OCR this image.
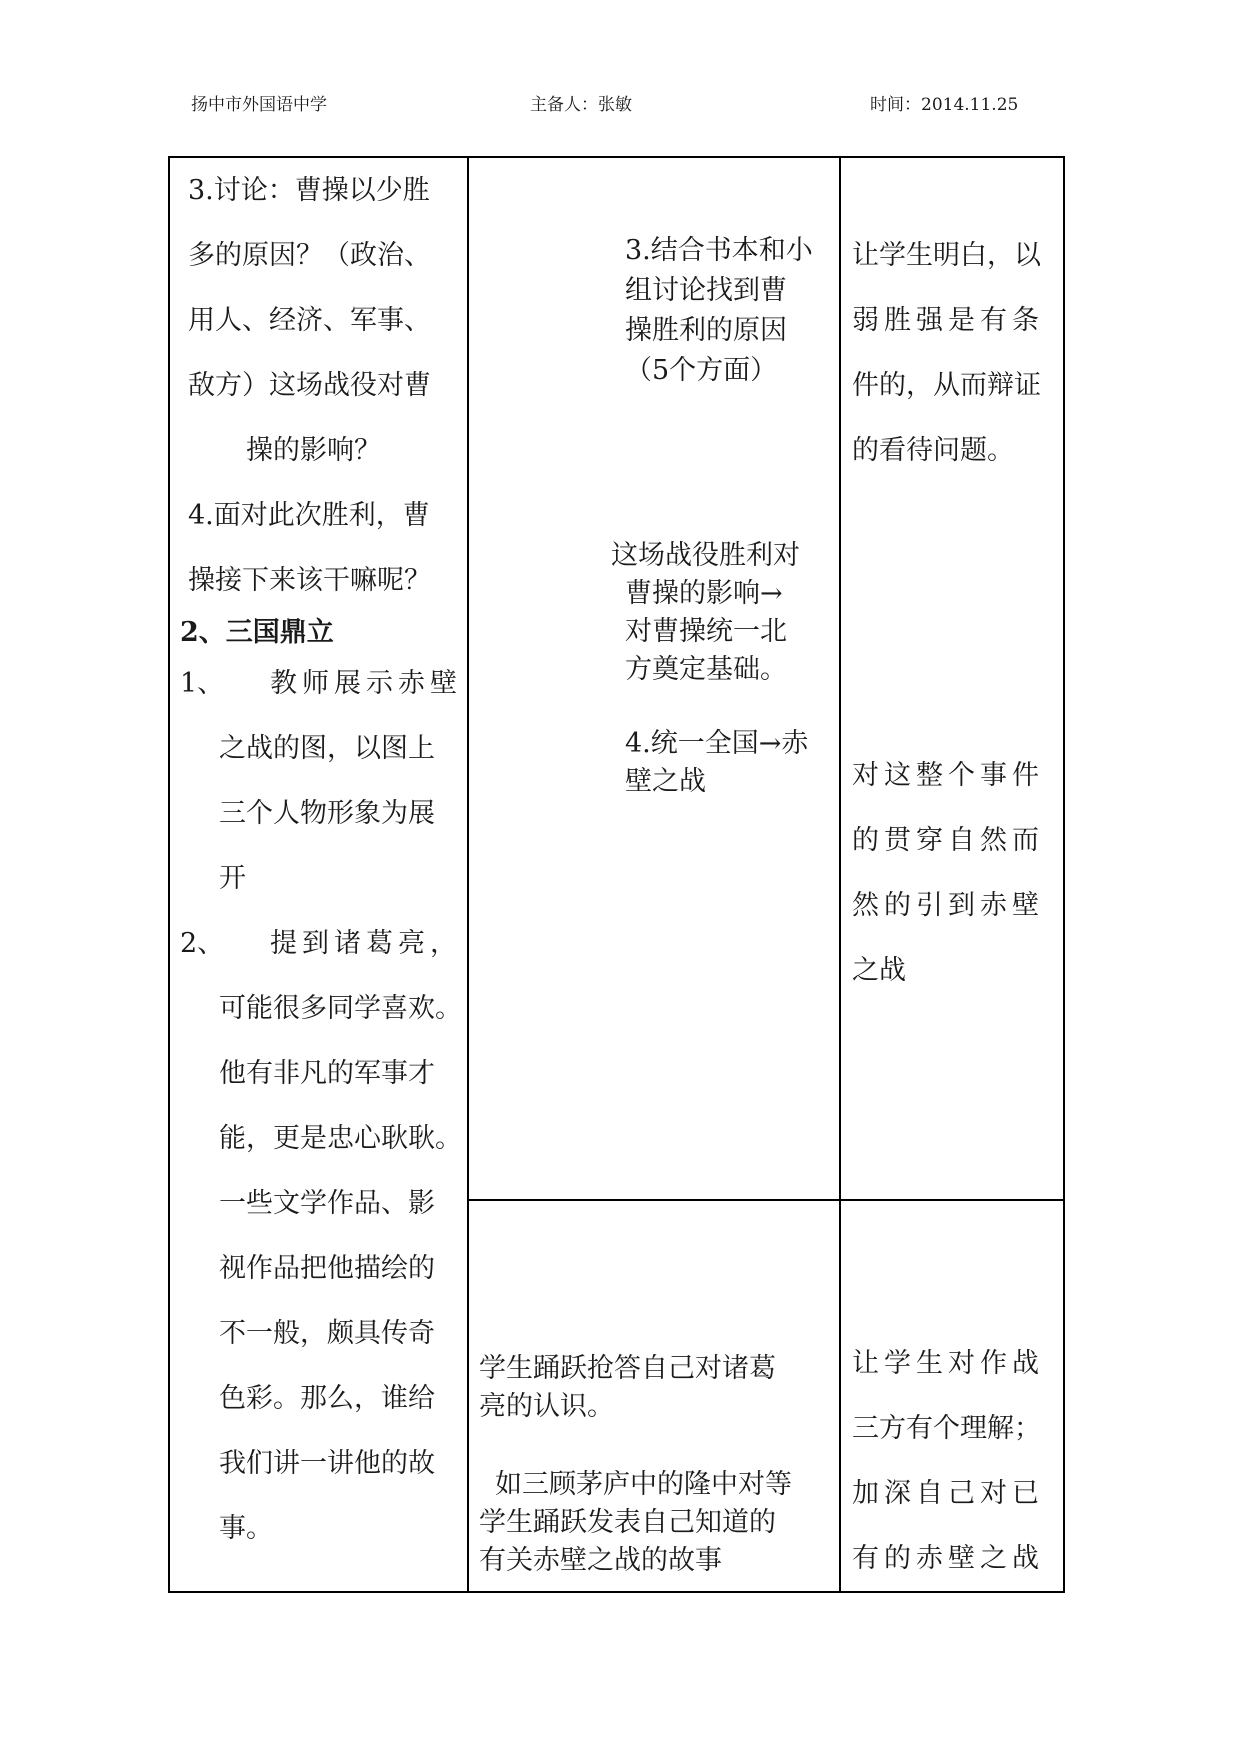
扬中市外国语中学	主备人：张敏	时间：2014.11.25
3.讨论：曹操以少胜
多的原因？（政治、
用人、经济、军事、
敌方）这场战役对曹
操的影响？
4.面对此次胜利，曹
操接下来该干嘛呢？
2、三国鼎立
1、 教师展示赤壁
之战的图，以图上
三个人物形象为展
开
2、 提到诸葛亮，
可能很多同学喜欢。
他有非凡的军事才
能，更是忠心耿耿。
一些文学作品、影
视作品把他描绘的
不一般，颇具传奇
色彩。那么，谁给
我们讲一讲他的故
事。
3.结合书本和小
组讨论找到曹
操胜利的原因
（5个方面）
这场战役胜利对
曹操的影响→
对曹操统一北
方奠定基础。
4.统一全国→赤
壁之战
学生踊跃抢答自己对诸葛
亮的认识。
如三顾茅庐中的隆中对等
学生踊跃发表自己知道的
有关赤壁之战的故事
让学生明白，以
弱胜强是有条
件的，从而辩证
的看待问题。
对这整个事件
的贯穿自然而
然的引到赤壁
之战
让学生对作战
三方有个理解；
加深自己对已
有的赤壁之战
